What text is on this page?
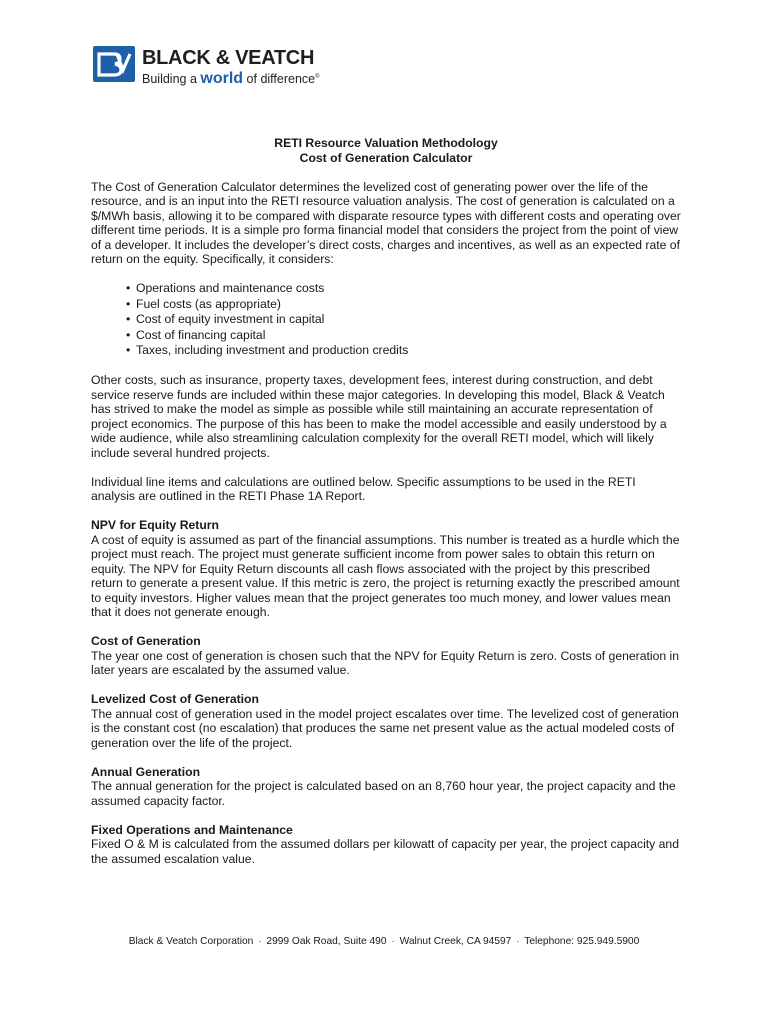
BLACK & VEATCH
Building a world of difference®

RETI Resource Valuation Methodology

Cost of Generation Calculator

The Cost of Generation Calculator determines the levelized cost of generating power over the life of the resource, and is an input into the RETI resource valuation analysis. The cost of generation is calculated on a $/MWh basis, allowing it to be compared with disparate resource types with different costs and operating over different time periods. It is a simple pro forma financial model that considers the project from the point of view of a developer. It includes the developer’s direct costs, charges and incentives, as well as an expected rate of return on the equity. Specifically, it considers:

• Operations and maintenance costs
• Fuel costs (as appropriate)
• Cost of equity investment in capital
• Cost of financing capital
• Taxes, including investment and production credits

Other costs, such as insurance, property taxes, development fees, interest during construction, and debt service reserve funds are included within these major categories. In developing this model, Black & Veatch has strived to make the model as simple as possible while still maintaining an accurate representation of project economics. The purpose of this has been to make the model accessible and easily understood by a wide audience, while also streamlining calculation complexity for the overall RETI model, which will likely include several hundred projects.

Individual line items and calculations are outlined below. Specific assumptions to be used in the RETI analysis are outlined in the RETI Phase 1A Report.

NPV for Equity Return

A cost of equity is assumed as part of the financial assumptions. This number is treated as a hurdle which the project must reach. The project must generate sufficient income from power sales to obtain this return on equity. The NPV for Equity Return discounts all cash flows associated with the project by this prescribed return to generate a present value. If this metric is zero, the project is returning exactly the prescribed amount to equity investors. Higher values mean that the project generates too much money, and lower values mean that it does not generate enough.

Cost of Generation

The year one cost of generation is chosen such that the NPV for Equity Return is zero. Costs of generation in later years are escalated by the assumed value.

Levelized Cost of Generation

The annual cost of generation used in the model project escalates over time. The levelized cost of generation is the constant cost (no escalation) that produces the same net present value as the actual modeled costs of generation over the life of the project.

Annual Generation

The annual generation for the project is calculated based on an 8,760 hour year, the project capacity and the assumed capacity factor.

Fixed Operations and Maintenance

Fixed O & M is calculated from the assumed dollars per kilowatt of capacity per year, the project capacity and the assumed escalation value.

Black & Veatch Corporation · 2999 Oak Road, Suite 490 · Walnut Creek, CA 94597 · Telephone: 925.949.5900
